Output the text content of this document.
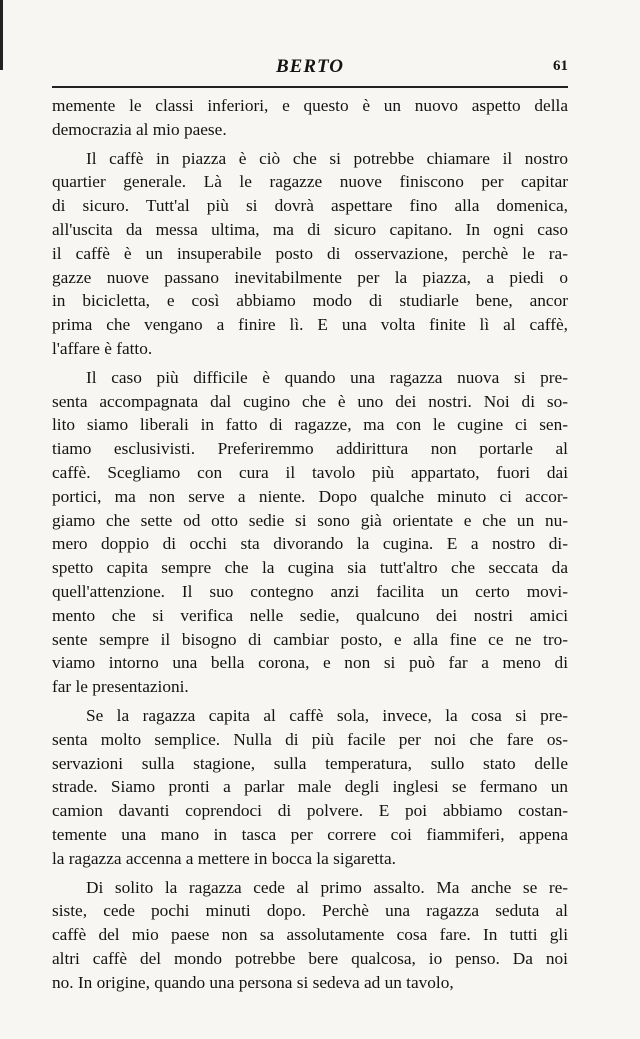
BERTO	61
memente le classi inferiori, e questo è un nuovo aspetto della
democrazia al mio paese.
Il caffè in piazza è ciò che si potrebbe chiamare il nostro
quartier generale. Là le ragazze nuove finiscono per capitar
di sicuro. Tutt'al più si dovrà aspettare fino alla domenica,
all'uscita da messa ultima, ma di sicuro capitano. In ogni caso
il caffè è un insuperabile posto di osservazione, perchè le ra-
gazze nuove passano inevitabilmente per la piazza, a piedi o
in bicicletta, e così abbiamo modo di studiarle bene, ancor
prima che vengano a finire lì. E una volta finite lì al caffè,
l'affare è fatto.
Il caso più difficile è quando una ragazza nuova si pre-
senta accompagnata dal cugino che è uno dei nostri. Noi di so-
lito siamo liberali in fatto di ragazze, ma con le cugine ci sen-
tiamo esclusivisti. Preferiremmo addirittura non portarle al
caffè. Scegliamo con cura il tavolo più appartato, fuori dai
portici, ma non serve a niente. Dopo qualche minuto ci accor-
giamo che sette od otto sedie si sono già orientate e che un nu-
mero doppio di occhi sta divorando la cugina. E a nostro di-
spetto capita sempre che la cugina sia tutt'altro che seccata da
quell'attenzione. Il suo contegno anzi facilita un certo movi-
mento che si verifica nelle sedie, qualcuno dei nostri amici
sente sempre il bisogno di cambiar posto, e alla fine ce ne tro-
viamo intorno una bella corona, e non si può far a meno di
far le presentazioni.
Se la ragazza capita al caffè sola, invece, la cosa si pre-
senta molto semplice. Nulla di più facile per noi che fare os-
servazioni sulla stagione, sulla temperatura, sullo stato delle
strade. Siamo pronti a parlar male degli inglesi se fermano un
camion davanti coprendoci di polvere. E poi abbiamo costan-
temente una mano in tasca per correre coi fiammiferi, appena
la ragazza accenna a mettere in bocca la sigaretta.
Di solito la ragazza cede al primo assalto. Ma anche se re-
siste, cede pochi minuti dopo. Perchè una ragazza seduta al
caffè del mio paese non sa assolutamente cosa fare. In tutti gli
altri caffè del mondo potrebbe bere qualcosa, io penso. Da noi
no. In origine, quando una persona si sedeva ad un tavolo,
